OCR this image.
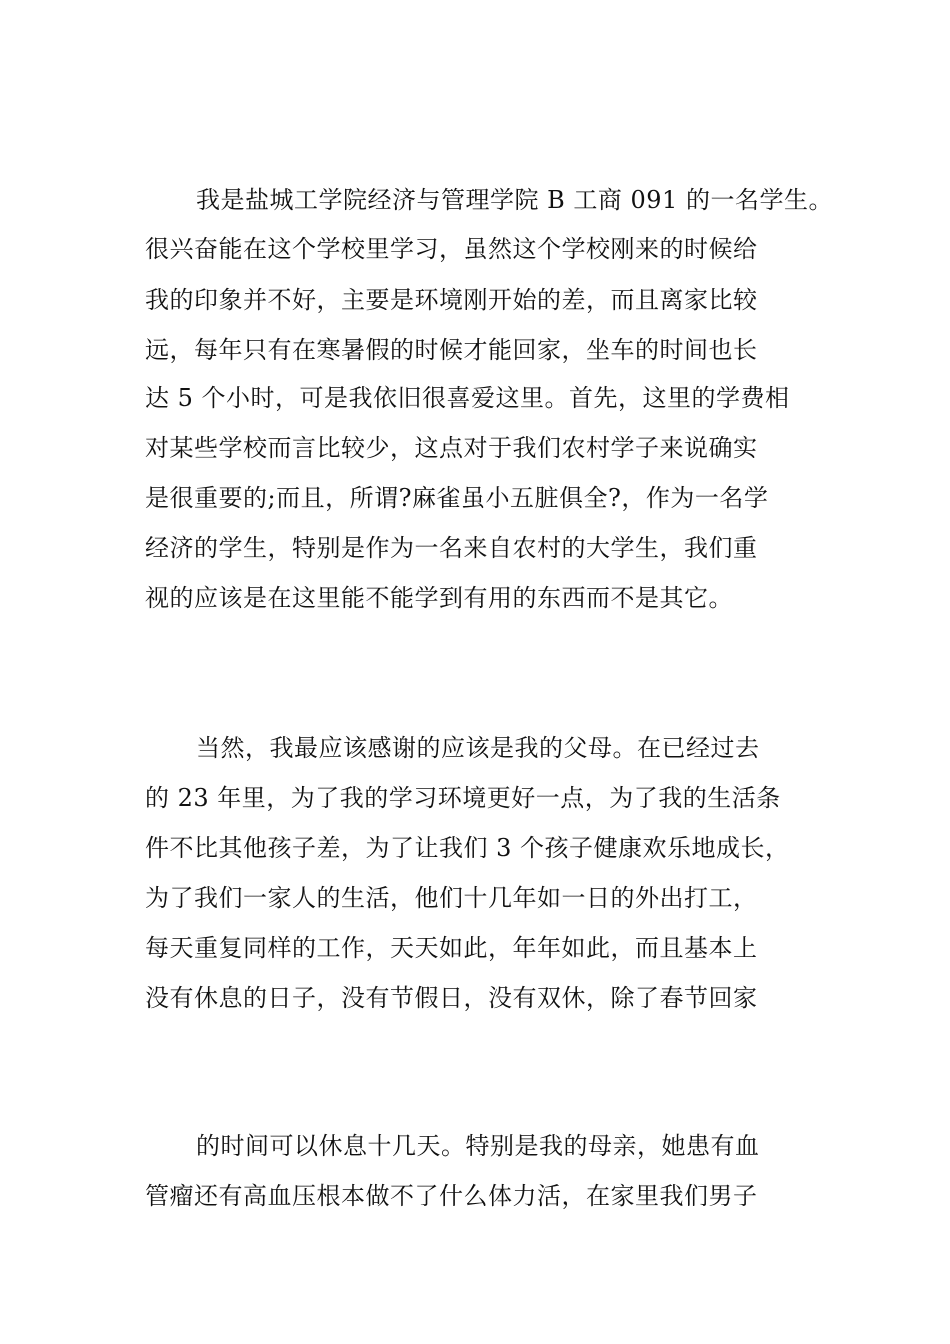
我是盐城工学院经济与管理学院 B 工商 091 的一名学生。
很兴奋能在这个学校里学习，虽然这个学校刚来的时候给
我的印象并不好，主要是环境刚开始的差，而且离家比较
远，每年只有在寒暑假的时候才能回家，坐车的时间也长
达 5 个小时，可是我依旧很喜爱这里。首先，这里的学费相
对某些学校而言比较少，这点对于我们农村学子来说确实
是很重要的;而且，所谓?麻雀虽小五脏俱全?，作为一名学
经济的学生，特别是作为一名来自农村的大学生，我们重
视的应该是在这里能不能学到有用的东西而不是其它。
当然，我最应该感谢的应该是我的父母。在已经过去
的 23 年里，为了我的学习环境更好一点，为了我的生活条
件不比其他孩子差，为了让我们 3 个孩子健康欢乐地成长，
为了我们一家人的生活，他们十几年如一日的外出打工，
每天重复同样的工作，天天如此，年年如此，而且基本上
没有休息的日子，没有节假日，没有双休，除了春节回家
的时间可以休息十几天。特别是我的母亲，她患有血
管瘤还有高血压根本做不了什么体力活，在家里我们男子
